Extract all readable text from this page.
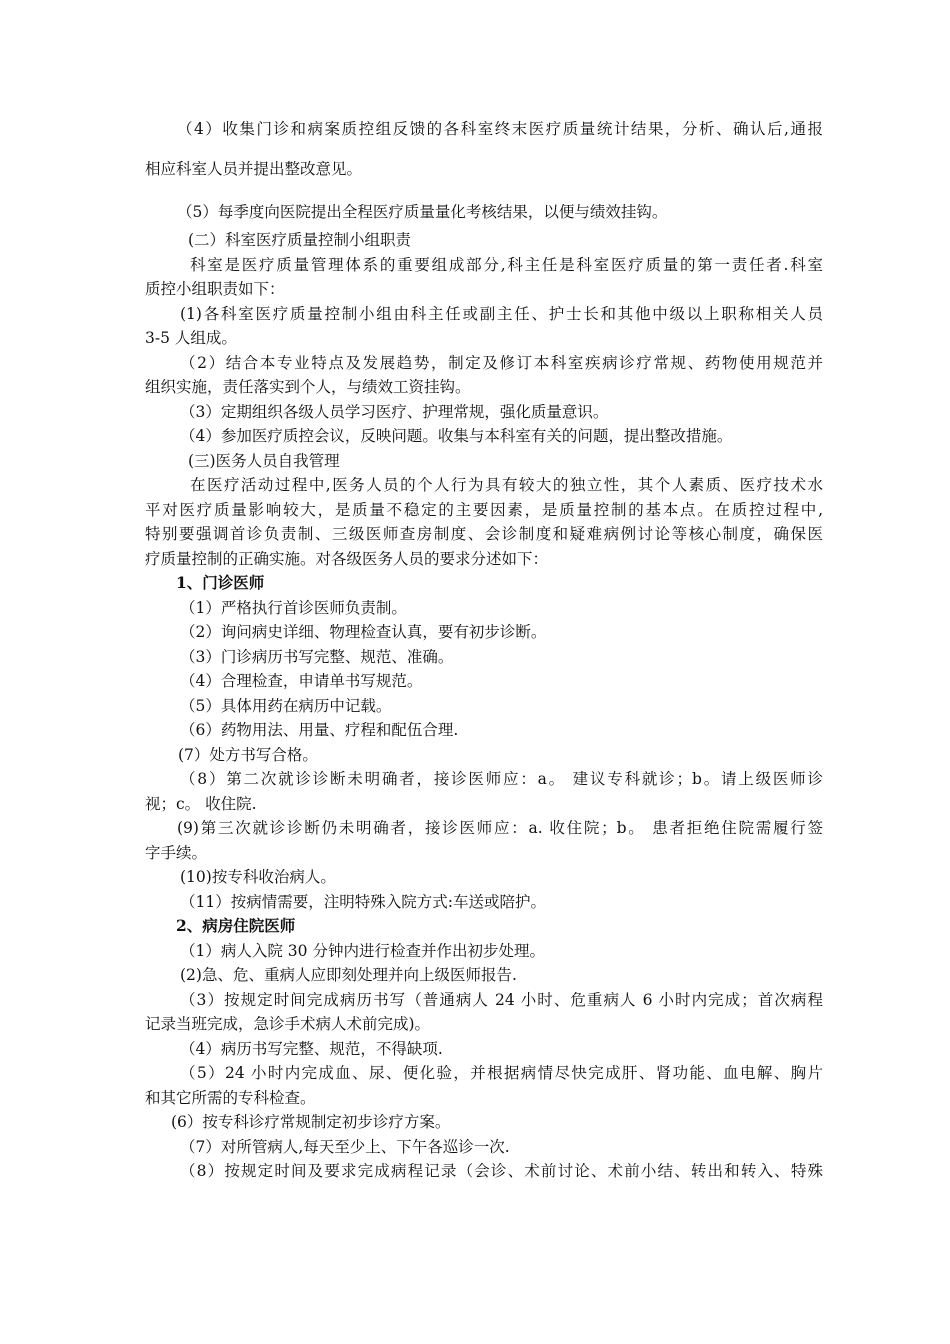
（4）收集门诊和病案质控组反馈的各科室终末医疗质量统计结果，分析、确认后,通报
相应科室人员并提出整改意见。
（5）每季度向医院提出全程医疗质量量化考核结果，以便与绩效挂钩。
(二）科室医疗质量控制小组职责
科室是医疗质量管理体系的重要组成部分,科主任是科室医疗质量的第一责任者.科室
质控小组职责如下：
(1)各科室医疗质量控制小组由科主任或副主任、护士长和其他中级以上职称相关人员
3-5 人组成。
（2）结合本专业特点及发展趋势，制定及修订本科室疾病诊疗常规、药物使用规范并
组织实施，责任落实到个人，与绩效工资挂钩。
（3）定期组织各级人员学习医疗、护理常规，强化质量意识。
（4）参加医疗质控会议，反映问题。收集与本科室有关的问题，提出整改措施。
(三)医务人员自我管理
在医疗活动过程中,医务人员的个人行为具有较大的独立性，其个人素质、医疗技术水
平对医疗质量影响较大，是质量不稳定的主要因素，是质量控制的基本点。在质控过程中,
特别要强调首诊负责制、三级医师查房制度、会诊制度和疑难病例讨论等核心制度，确保医
疗质量控制的正确实施。对各级医务人员的要求分述如下：
1、门诊医师
（1）严格执行首诊医师负责制。
（2）询问病史详细、物理检查认真，要有初步诊断。
（3）门诊病历书写完整、规范、准确。
（4）合理检查，申请单书写规范。
（5）具体用药在病历中记载。
（6）药物用法、用量、疗程和配伍合理.
(7）处方书写合格。
（8）第二次就诊诊断未明确者，接诊医师应：a。 建议专科就诊；b。请上级医师诊
视；c。 收住院.
(9)第三次就诊诊断仍未明确者，接诊医师应：a. 收住院；b。 患者拒绝住院需履行签
字手续。
(10)按专科收治病人。
（11）按病情需要，注明特殊入院方式:车送或陪护。
2、病房住院医师
（1）病人入院 30 分钟内进行检查并作出初步处理。
(2)急、危、重病人应即刻处理并向上级医师报告.
（3）按规定时间完成病历书写（普通病人 24 小时、危重病人 6 小时内完成；首次病程
记录当班完成，急诊手术病人术前完成)。
（4）病历书写完整、规范，不得缺项.
（5）24 小时内完成血、尿、便化验，并根据病情尽快完成肝、肾功能、血电解、胸片
和其它所需的专科检查。
(6）按专科诊疗常规制定初步诊疗方案。
（7）对所管病人,每天至少上、下午各巡诊一次.
（8）按规定时间及要求完成病程记录（会诊、术前讨论、术前小结、转出和转入、特殊
